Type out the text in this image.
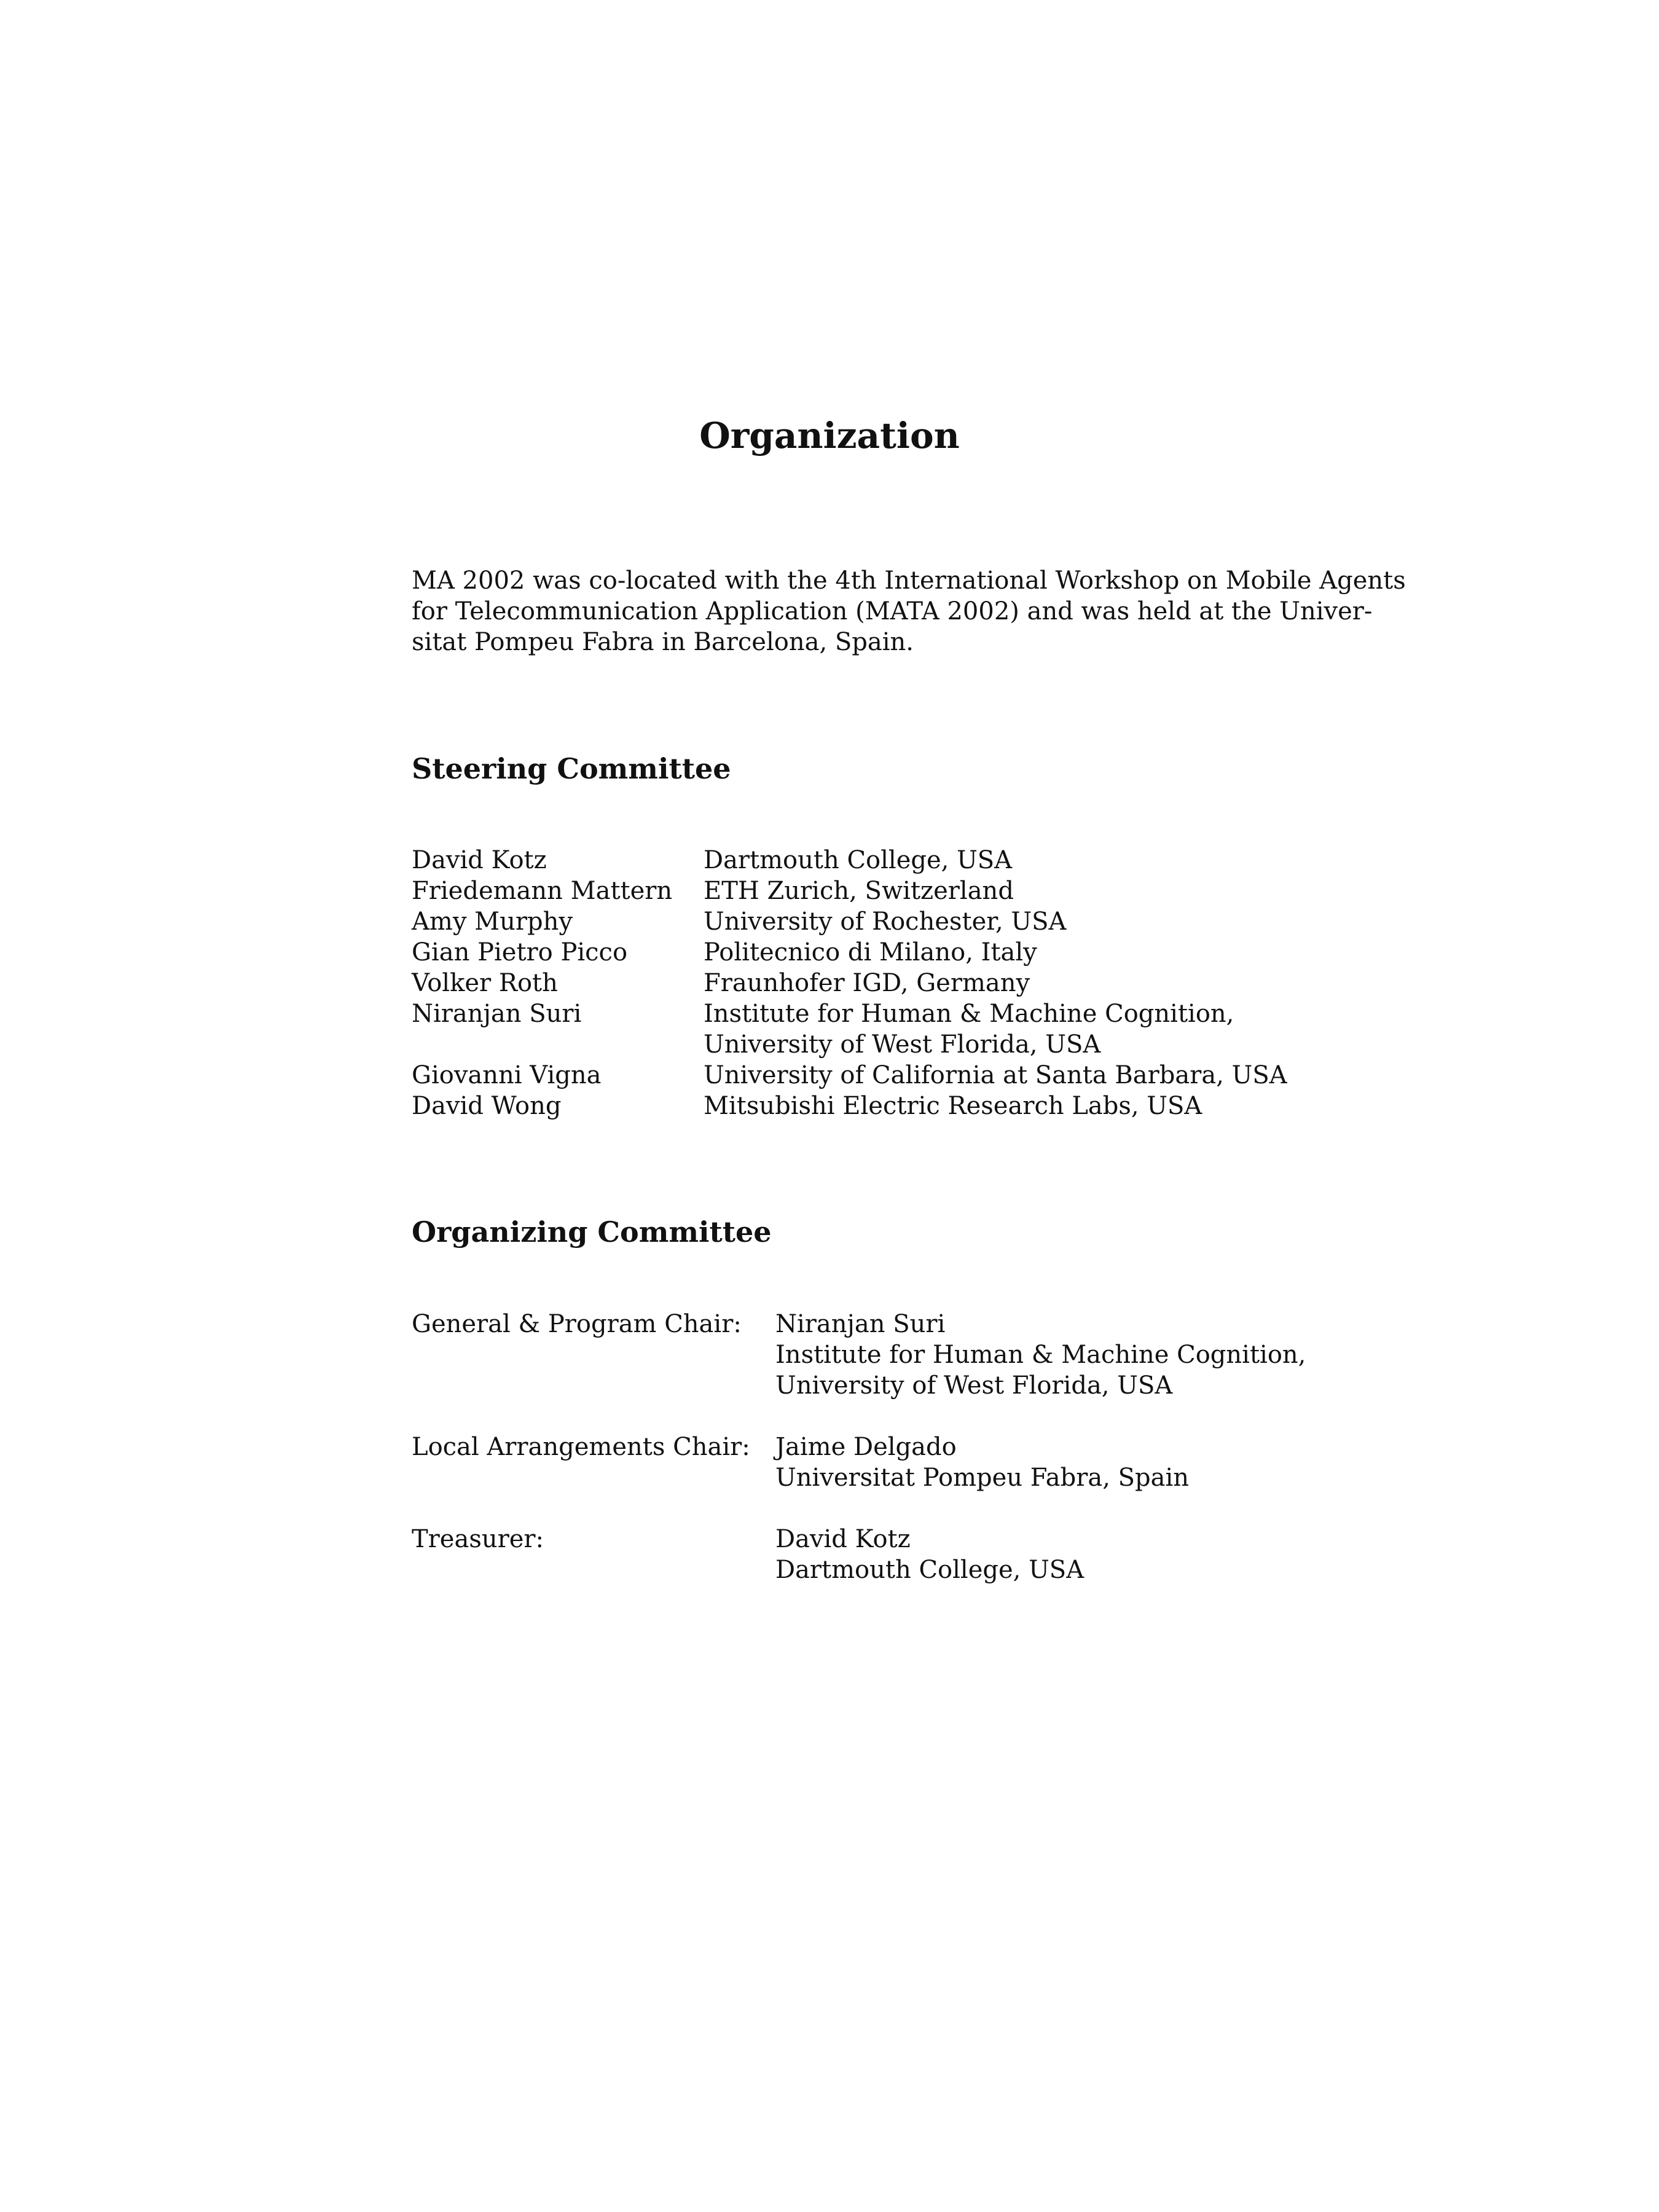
Organization
MA 2002 was co-located with the 4th International Workshop on Mobile Agents
for Telecommunication Application (MATA 2002) and was held at the Univer-
sitat Pompeu Fabra in Barcelona, Spain.
Steering Committee
David Kotz	Dartmouth College, USA
Friedemann Mattern	ETH Zurich, Switzerland
Amy Murphy	University of Rochester, USA
Gian Pietro Picco	Politecnico di Milano, Italy
Volker Roth	Fraunhofer IGD, Germany
Niranjan Suri	Institute for Human & Machine Cognition,
University of West Florida, USA
Giovanni Vigna	University of California at Santa Barbara, USA
David Wong	Mitsubishi Electric Research Labs, USA
Organizing Committee
General & Program Chair:	Niranjan Suri
Institute for Human & Machine Cognition,
University of West Florida, USA
Local Arrangements Chair:	Jaime Delgado
Universitat Pompeu Fabra, Spain
Treasurer:	David Kotz
Dartmouth College, USA
